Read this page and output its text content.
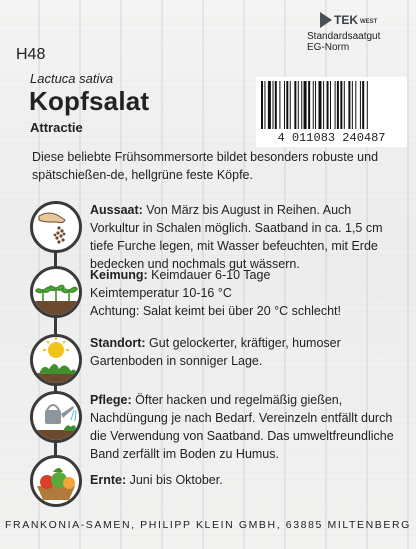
H48
Lactuca sativa
Kopfsalat
Attractie
TEK WEST
Standardsaatgut
EG-Norm
4 011083 240487
Diese beliebte Frühsommersorte bildet besonders robuste und spätschießen-de, hellgrüne feste Köpfe.
Aussaat: Von März bis August in Reihen. Auch Vorkultur in Schalen möglich. Saatband in ca. 1,5 cm tiefe Furche legen, mit Wasser befeuchten, mit Erde bedecken und nochmals gut wässern.
Keimung: Keimdauer 6-10 Tage
Keimtemperatur 10-16 °C
Achtung: Salat keimt bei über 20 °C schlecht!
Standort: Gut gelockerter, kräftiger, humoser Gartenboden in sonniger Lage.
Pflege: Öfter hacken und regelmäßig gießen, Nachdüngung je nach Bedarf. Vereinzeln entfällt durch die Verwendung von Saatband. Das umweltfreundliche Band zerfällt im Boden zu Humus.
Ernte: Juni bis Oktober.
FRANKONIA-SAMEN, PHILIPP KLEIN GMBH, 63885 MILTENBERG
